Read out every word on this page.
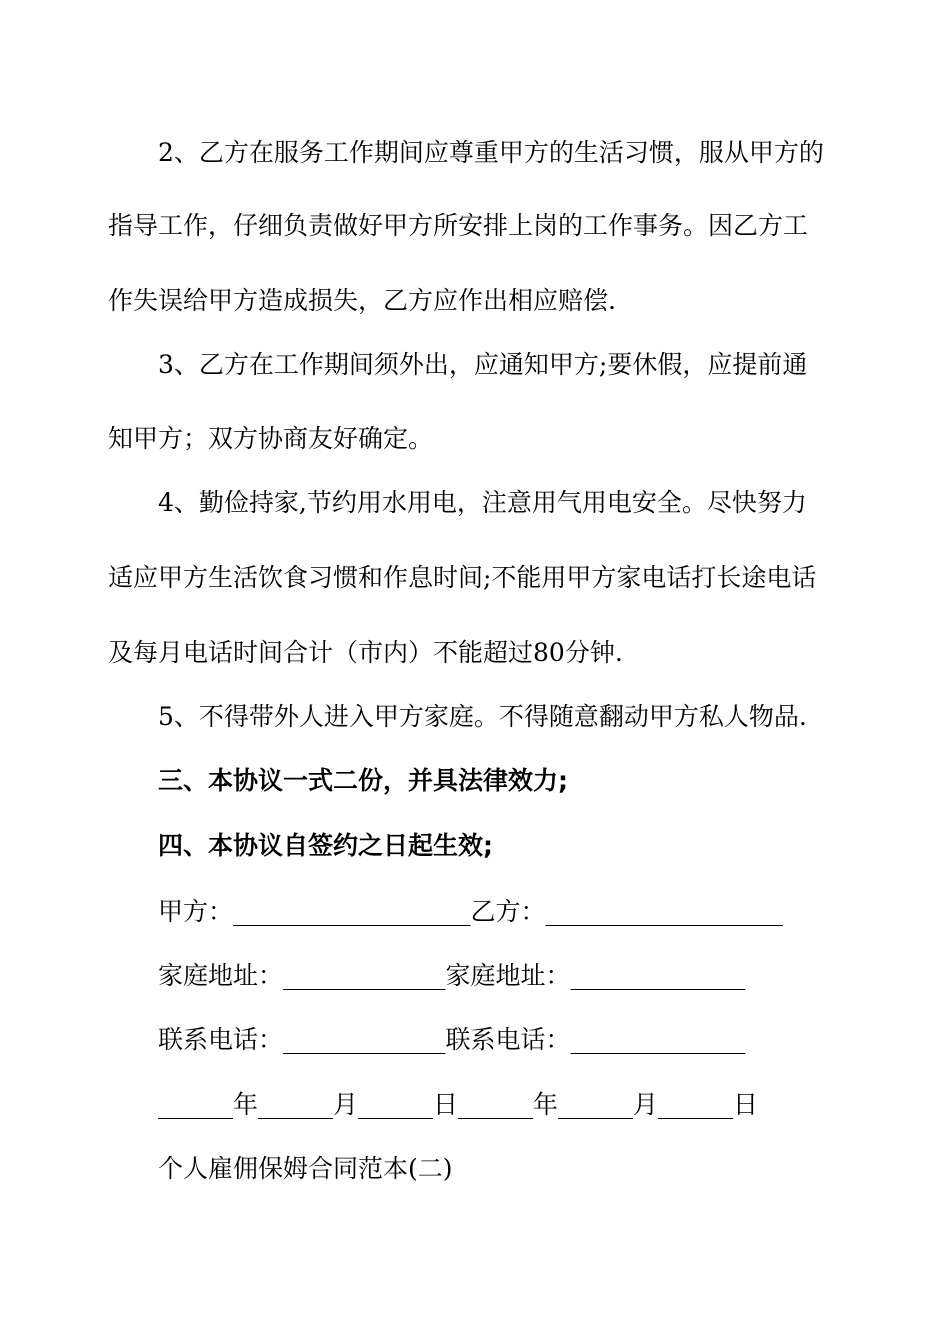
2、乙方在服务工作期间应尊重甲方的生活习惯，服从甲方的
指导工作，仔细负责做好甲方所安排上岗的工作事务。因乙方工
作失误给甲方造成损失，乙方应作出相应赔偿.
3、乙方在工作期间须外出，应通知甲方;要休假，应提前通
知甲方；双方协商友好确定。
4、勤俭持家,节约用水用电，注意用气用电安全。尽快努力
适应甲方生活饮食习惯和作息时间;不能用甲方家电话打长途电话
及每月电话时间合计（市内）不能超过80分钟.
5、不得带外人进入甲方家庭。不得随意翻动甲方私人物品.
三、本协议一式二份，并具法律效力;
四、本协议自签约之日起生效;
甲方：___________________乙方：___________________
家庭地址：_____________家庭地址：______________
联系电话：_____________联系电话：______________
______年______月______日______年______月______日
个人雇佣保姆合同范本(二)
